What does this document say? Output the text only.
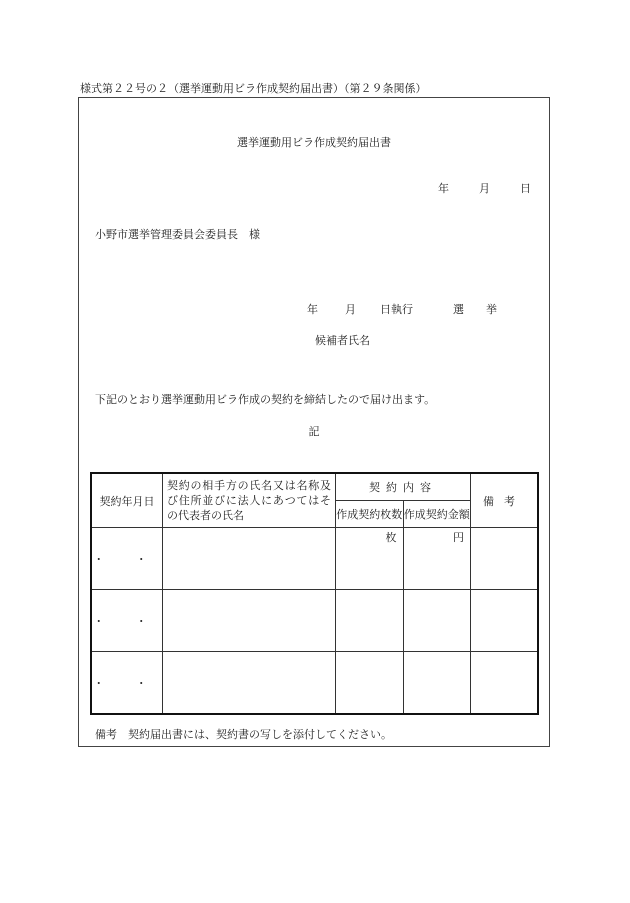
様式第２２号の２（選挙運動用ビラ作成契約届出書）（第２９条関係）
選挙運動用ビラ作成契約届出書
年	月	日
小野市選挙管理委員会委員長　様
年 月 日執行	選 挙
候補者氏名
下記のとおり選挙運動用ビラ作成の契約を締結したので届け出ます。
記
契約年月日	契約の相手方の氏名又は名称及び住所並びに法人にあつてはその代表者の氏名	契約内容		備考
		作成契約枚数	作成契約金額	
・ ・		枚	円	

・ ・				
・ ・				
備考　契約届出書には、契約書の写しを添付してください。
